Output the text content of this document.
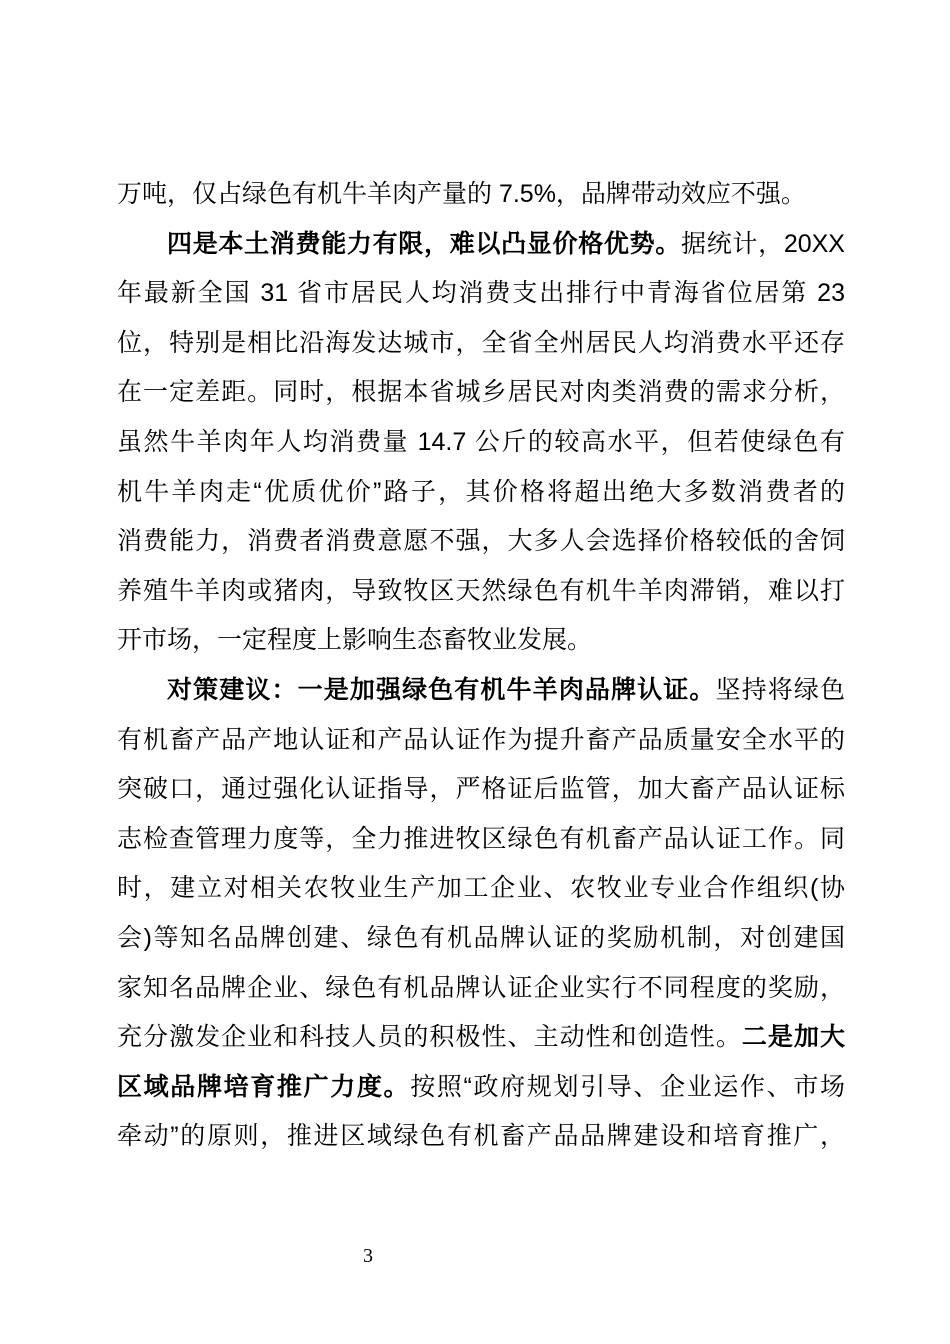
万吨，仅占绿色有机牛羊肉产量的 7.5%，品牌带动效应不强。
四是本土消费能力有限，难以凸显价格优势。据统计，20XX
年最新全国 31 省市居民人均消费支出排行中青海省位居第 23
位，特别是相比沿海发达城市，全省全州居民人均消费水平还存
在一定差距。同时，根据本省城乡居民对肉类消费的需求分析，
虽然牛羊肉年人均消费量 14.7 公斤的较高水平，但若使绿色有
机牛羊肉走“优质优价”路子，其价格将超出绝大多数消费者的
消费能力，消费者消费意愿不强，大多人会选择价格较低的舍饲
养殖牛羊肉或猪肉，导致牧区天然绿色有机牛羊肉滞销，难以打
开市场，一定程度上影响生态畜牧业发展。
对策建议：一是加强绿色有机牛羊肉品牌认证。坚持将绿色
有机畜产品产地认证和产品认证作为提升畜产品质量安全水平的
突破口，通过强化认证指导，严格证后监管，加大畜产品认证标
志检查管理力度等，全力推进牧区绿色有机畜产品认证工作。同
时，建立对相关农牧业生产加工企业、农牧业专业合作组织(协
会)等知名品牌创建、绿色有机品牌认证的奖励机制，对创建国
家知名品牌企业、绿色有机品牌认证企业实行不同程度的奖励，
充分激发企业和科技人员的积极性、主动性和创造性。二是加大
区域品牌培育推广力度。按照“政府规划引导、企业运作、市场
牵动”的原则，推进区域绿色有机畜产品品牌建设和培育推广，
3
